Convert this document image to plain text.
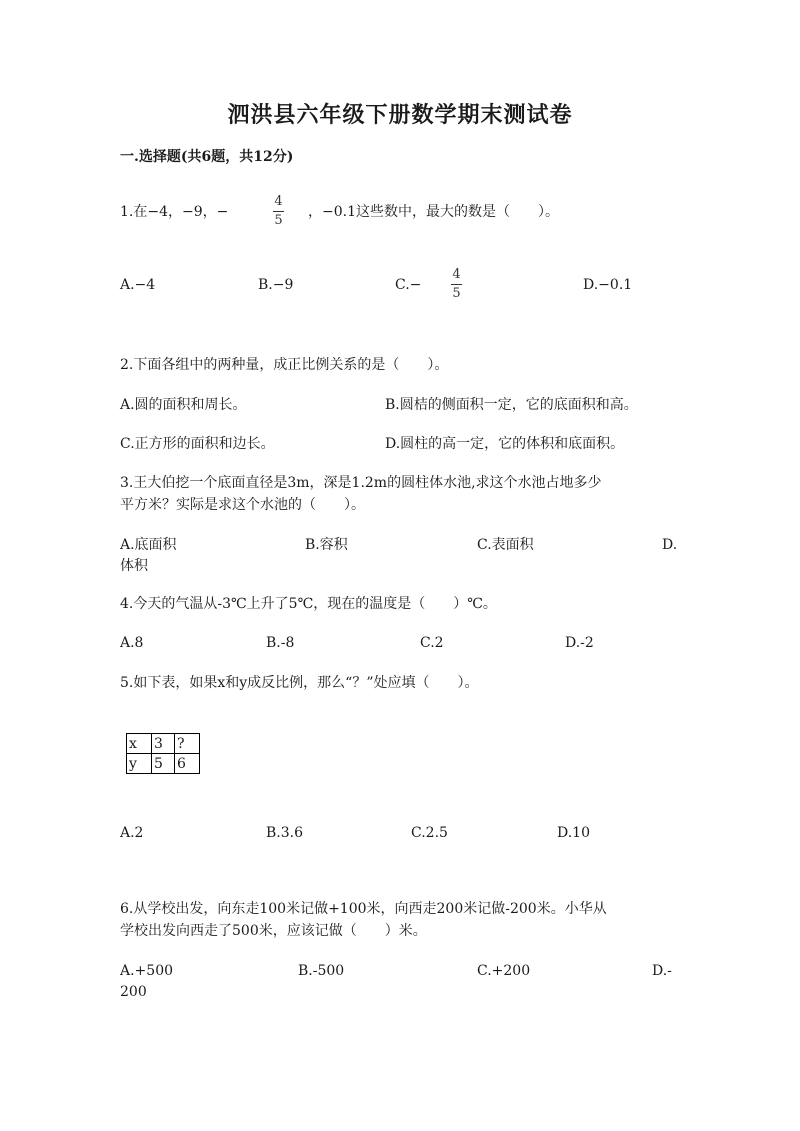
泗洪县六年级下册数学期末测试卷
一.选择题(共6题，共12分)
1.在−4，−9，−
4
5
，−0.1这些数中，最大的数是（　　）。
A.−4	B.−9	C.−
4
5
D.−0.1
2.下面各组中的两种量，成正比例关系的是（　　）。
A.圆的面积和周长。	B.圆桔的侧面积一定，它的底面积和高。
C.正方形的面积和边长。	D.圆柱的高一定，它的体积和底面积。
3.王大伯挖一个底面直径是3m，深是1.2m的圆柱体水池,求这个水池占地多少
平方米？实际是求这个水池的（　　）。
A.底面积	B.容积	C.表面积	D.
体积
4.今天的气温从-3℃上升了5℃，现在的温度是（　　）℃。
A.8	B.-8	C.2	D.-2
5.如下表，如果x和y成反比例，那么“？”处应填（　　）。
x	3	?
y	5	6
A.2	B.3.6	C.2.5	D.10
6.从学校出发，向东走100米记做+100米，向西走200米记做-200米。小华从
学校出发向西走了500米，应该记做（　　）米。
A.+500	B.-500	C.+200	D.-
200
